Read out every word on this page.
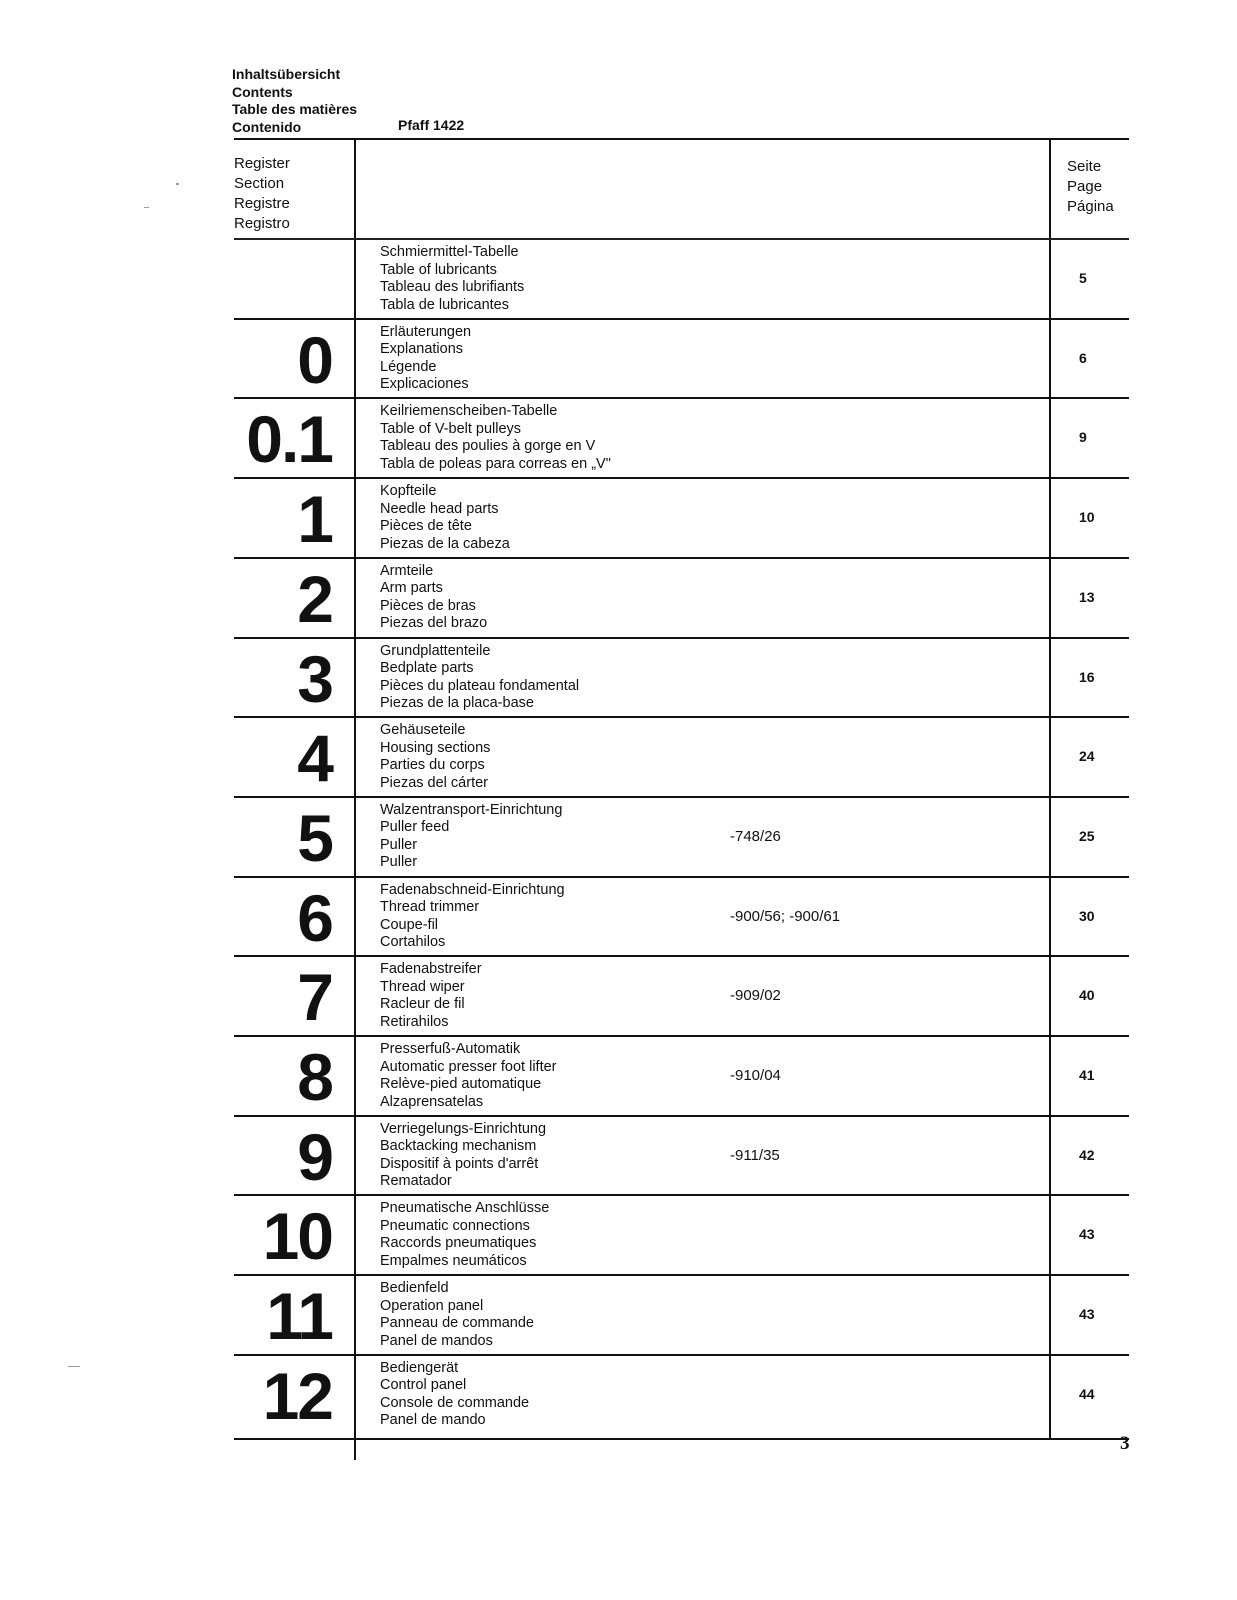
Inhaltsübersicht
Contents
Table des matières
Contenido	Pfaff 1422
Register
Section
Registre
Registro
Seite
Page
Página
Schmiermittel-Tabelle
Table of lubricants
Tableau des lubrifiants
Tabla de lubricantes
5
0	Erläuterungen
Explanations
Légende
Explicaciones
6
0.1	Keilriemenscheiben-Tabelle
Table of V-belt pulleys
Tableau des poulies à gorge en V
Tabla de poleas para correas en „V"
9
1	Kopfteile
Needle head parts
Pièces de tête
Piezas de la cabeza
10
2	Armteile
Arm parts
Pièces de bras
Piezas del brazo
13
3	Grundplattenteile
Bedplate parts
Pièces du plateau fondamental
Piezas de la placa-base
16
4	Gehäuseteile
Housing sections
Parties du corps
Piezas del cárter
24
5	Walzentransport-Einrichtung
Puller feed
Puller
Puller
-748/26	25
6	Fadenabschneid-Einrichtung
Thread trimmer
Coupe-fil
Cortahilos
-900/56; -900/61	30
7	Fadenabstreifer
Thread wiper
Racleur de fil
Retirahilos
-909/02	40
8	Presserfuß-Automatik
Automatic presser foot lifter
Relève-pied automatique
Alzaprensatelas
-910/04	41
9	Verriegelungs-Einrichtung
Backtacking mechanism
Dispositif à points d'arrêt
Rematador
-911/35	42
10	Pneumatische Anschlüsse
Pneumatic connections
Raccords pneumatiques
Empalmes neumáticos
43
11	Bedienfeld
Operation panel
Panneau de commande
Panel de mandos
43
12	Bediengerät
Control panel
Console de commande
Panel de mando
44
3
